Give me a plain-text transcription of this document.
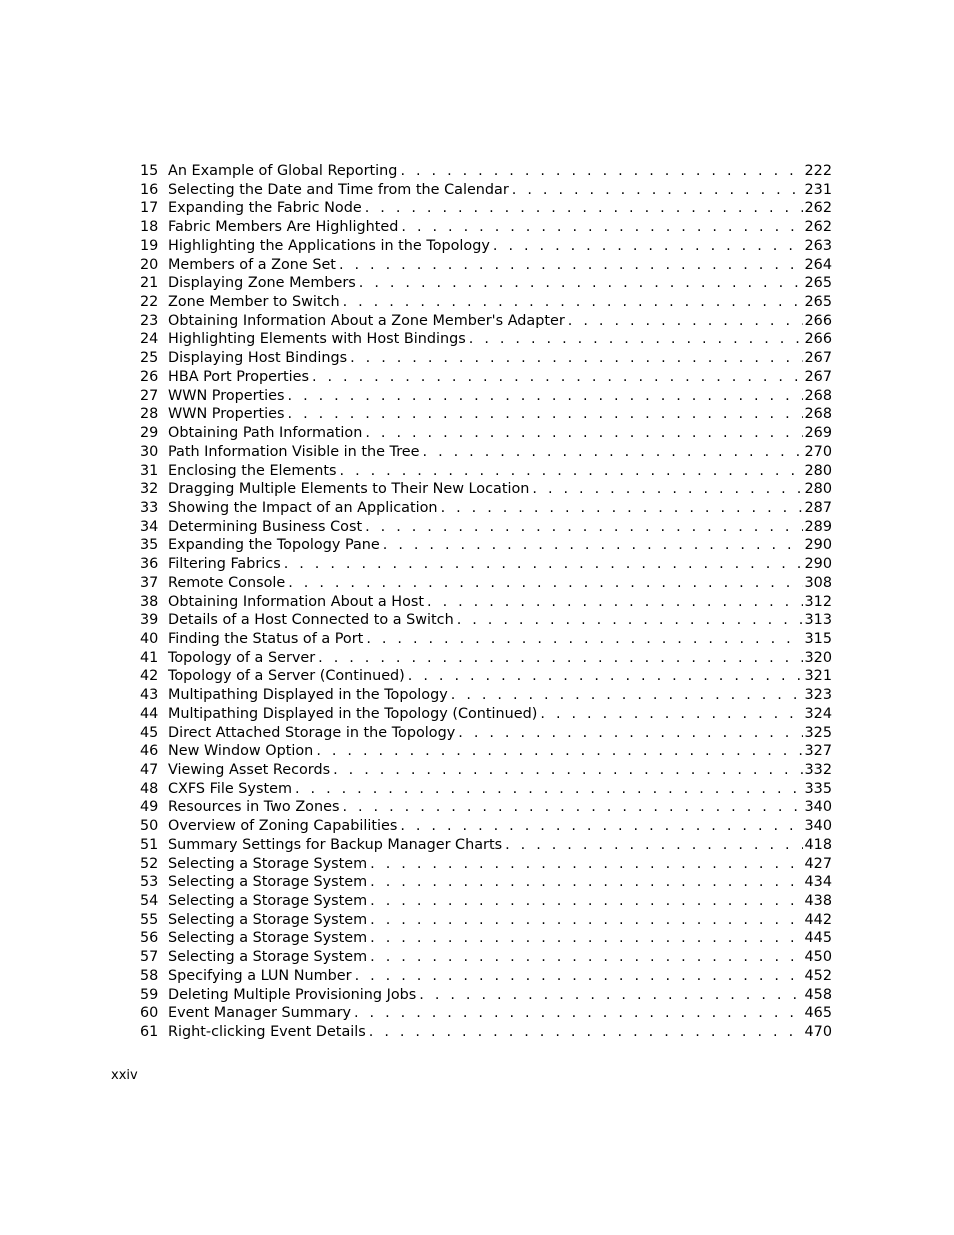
15 An Example of Global Reporting . . .	222
16 Selecting the Date and Time from the Calendar . . .	231
17 Expanding the Fabric Node . . .	262
18 Fabric Members Are Highlighted . . .	262
19 Highlighting the Applications in the Topology . . .	263
20 Members of a Zone Set . . .	264
21 Displaying Zone Members . . .	265
22 Zone Member to Switch . . .	265
23 Obtaining Information About a Zone Member's Adapter . . .	266
24 Highlighting Elements with Host Bindings . . .	266
25 Displaying Host Bindings . . .	267
26 HBA Port Properties . . .	267
27 WWN Properties . . .	268
28 WWN Properties . . .	268
29 Obtaining Path Information . . .	269
30 Path Information Visible in the Tree . . .	270
31 Enclosing the Elements . . .	280
32 Dragging Multiple Elements to Their New Location . . .	280
33 Showing the Impact of an Application . . .	287
34 Determining Business Cost . . .	289
35 Expanding the Topology Pane . . .	290
36 Filtering Fabrics . . .	290
37 Remote Console . . .	308
38 Obtaining Information About a Host . . .	312
39 Details of a Host Connected to a Switch . . .	313
40 Finding the Status of a Port . . .	315
41 Topology of a Server . . .	320
42 Topology of a Server (Continued) . . .	321
43 Multipathing Displayed in the Topology . . .	323
44 Multipathing Displayed in the Topology (Continued) . . .	324
45 Direct Attached Storage in the Topology . . .	325
46 New Window Option . . .	327
47 Viewing Asset Records . . .	332
48 CXFS File System . . .	335
49 Resources in Two Zones . . .	340
50 Overview of Zoning Capabilities . . .	340
51 Summary Settings for Backup Manager Charts . . .	418
52 Selecting a Storage System . . .	427
53 Selecting a Storage System . . .	434
54 Selecting a Storage System . . .	438
55 Selecting a Storage System . . .	442
56 Selecting a Storage System . . .	445
57 Selecting a Storage System . . .	450
58 Specifying a LUN Number . . .	452
59 Deleting Multiple Provisioning Jobs . . .	458
60 Event Manager Summary . . .	465
61 Right-clicking Event Details . . .	470
xxiv
